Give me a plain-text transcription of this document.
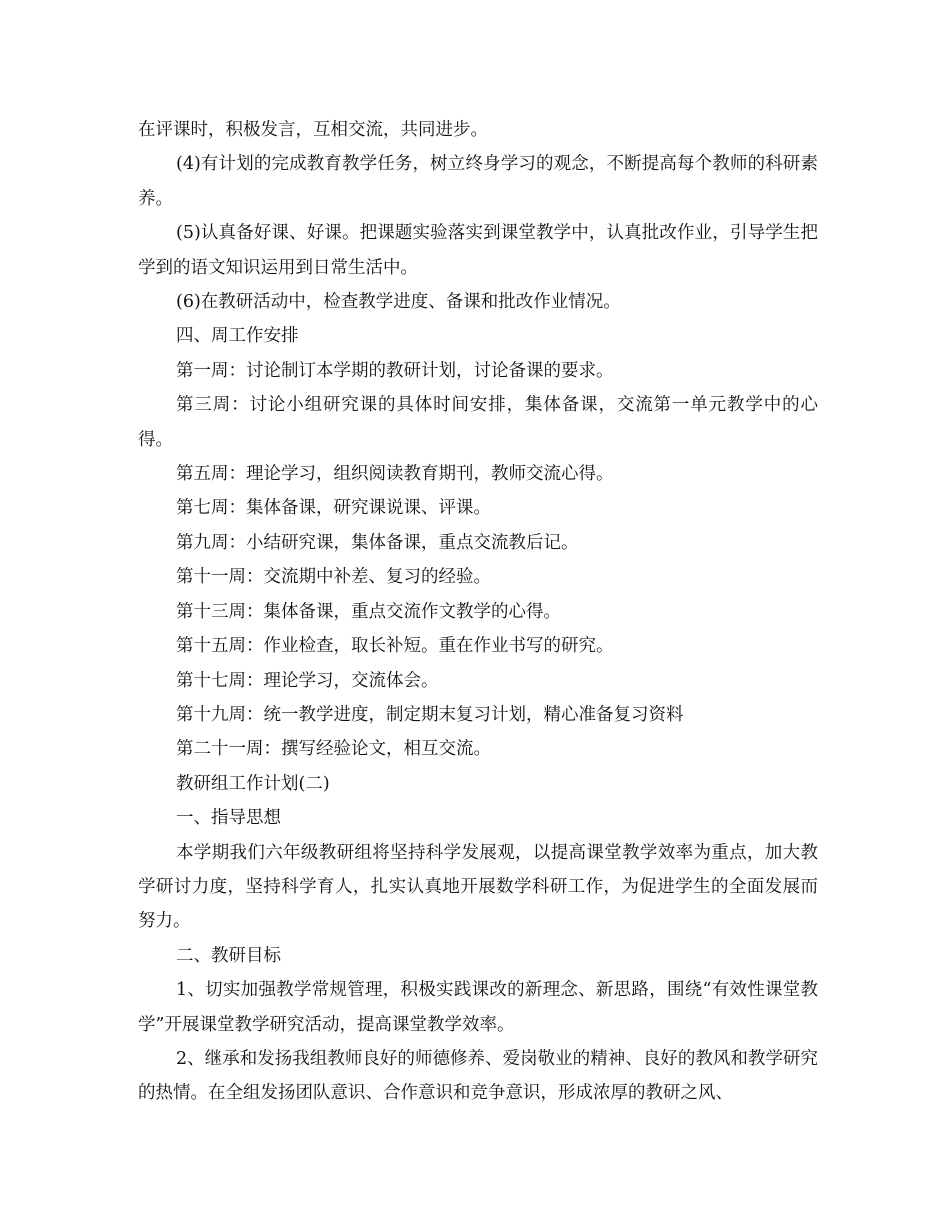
在评课时，积极发言，互相交流，共同进步。

(4)有计划的完成教育教学任务，树立终身学习的观念，不断提高每个教师的科研素养。

(5)认真备好课、好课。把课题实验落实到课堂教学中，认真批改作业，引导学生把学到的语文知识运用到日常生活中。

(6)在教研活动中，检查教学进度、备课和批改作业情况。

四、周工作安排

第一周：讨论制订本学期的教研计划，讨论备课的要求。

第三周：讨论小组研究课的具体时间安排，集体备课，交流第一单元教学中的心得。

第五周：理论学习，组织阅读教育期刊，教师交流心得。

第七周：集体备课，研究课说课、评课。

第九周：小结研究课，集体备课，重点交流教后记。

第十一周：交流期中补差、复习的经验。

第十三周：集体备课，重点交流作文教学的心得。

第十五周：作业检查，取长补短。重在作业书写的研究。

第十七周：理论学习，交流体会。

第十九周：统一教学进度，制定期末复习计划，精心准备复习资料

第二十一周：撰写经验论文，相互交流。

教研组工作计划(二)

一、指导思想

本学期我们六年级教研组将坚持科学发展观，以提高课堂教学效率为重点，加大教学研讨力度，坚持科学育人，扎实认真地开展数学科研工作，为促进学生的全面发展而努力。

二、教研目标

1、切实加强教学常规管理，积极实践课改的新理念、新思路，围绕“有效性课堂教学”开展课堂教学研究活动，提高课堂教学效率。

2、继承和发扬我组教师良好的师德修养、爱岗敬业的精神、良好的教风和教学研究的热情。在全组发扬团队意识、合作意识和竞争意识，形成浓厚的教研之风、
